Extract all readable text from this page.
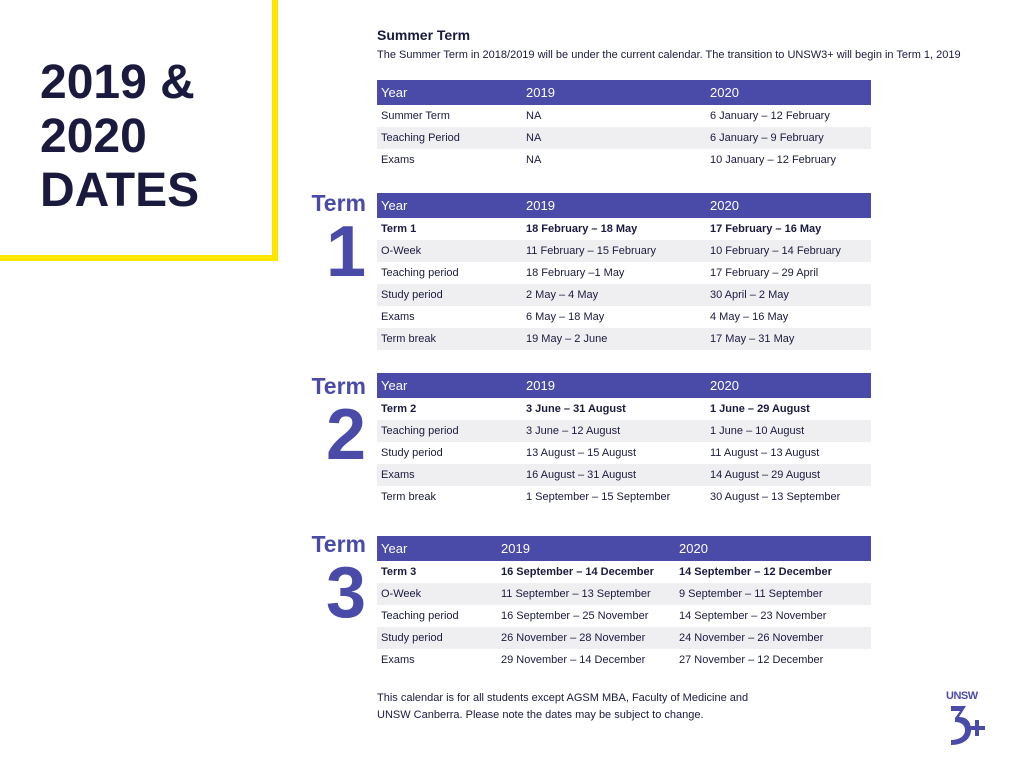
2019 &
2020
DATES
Summer Term
The Summer Term in 2018/2019 will be under the current calendar. The transition to UNSW3+ will begin in Term 1, 2019
Year	2019	2020
Summer Term	NA	6 January – 12 February
Teaching Period	NA	6 January – 9 February
Exams	NA	10 January – 12 February
Term
1
Year	2019	2020
Term 1	18 February – 18 May	17 February – 16 May
O-Week	11 February – 15 February	10 February – 14 February
Teaching period	18 February –1 May	17 February – 29 April
Study period	2 May – 4 May	30 April – 2 May
Exams	6 May – 18 May	4 May – 16 May
Term break	19 May – 2 June	17 May – 31 May
Term
2
Year	2019	2020
Term 2	3 June – 31 August	1 June – 29 August
Teaching period	3 June – 12 August	1 June – 10 August
Study period	13 August – 15 August	11 August – 13 August
Exams	16 August – 31 August	14 August – 29 August
Term break	1 September – 15 September	30 August – 13 September
Term
3
Year	2019	2020
Term 3	16 September – 14 December	14 September – 12 December
O-Week	11 September – 13 September	9 September – 11 September
Teaching period	16 September – 25 November	14 September – 23 November
Study period	26 November – 28 November	24 November – 26 November
Exams	29 November – 14 December	27 November – 12 December
This calendar is for all students except AGSM MBA, Faculty of Medicine and
UNSW Canberra. Please note the dates may be subject to change.
UNSW
